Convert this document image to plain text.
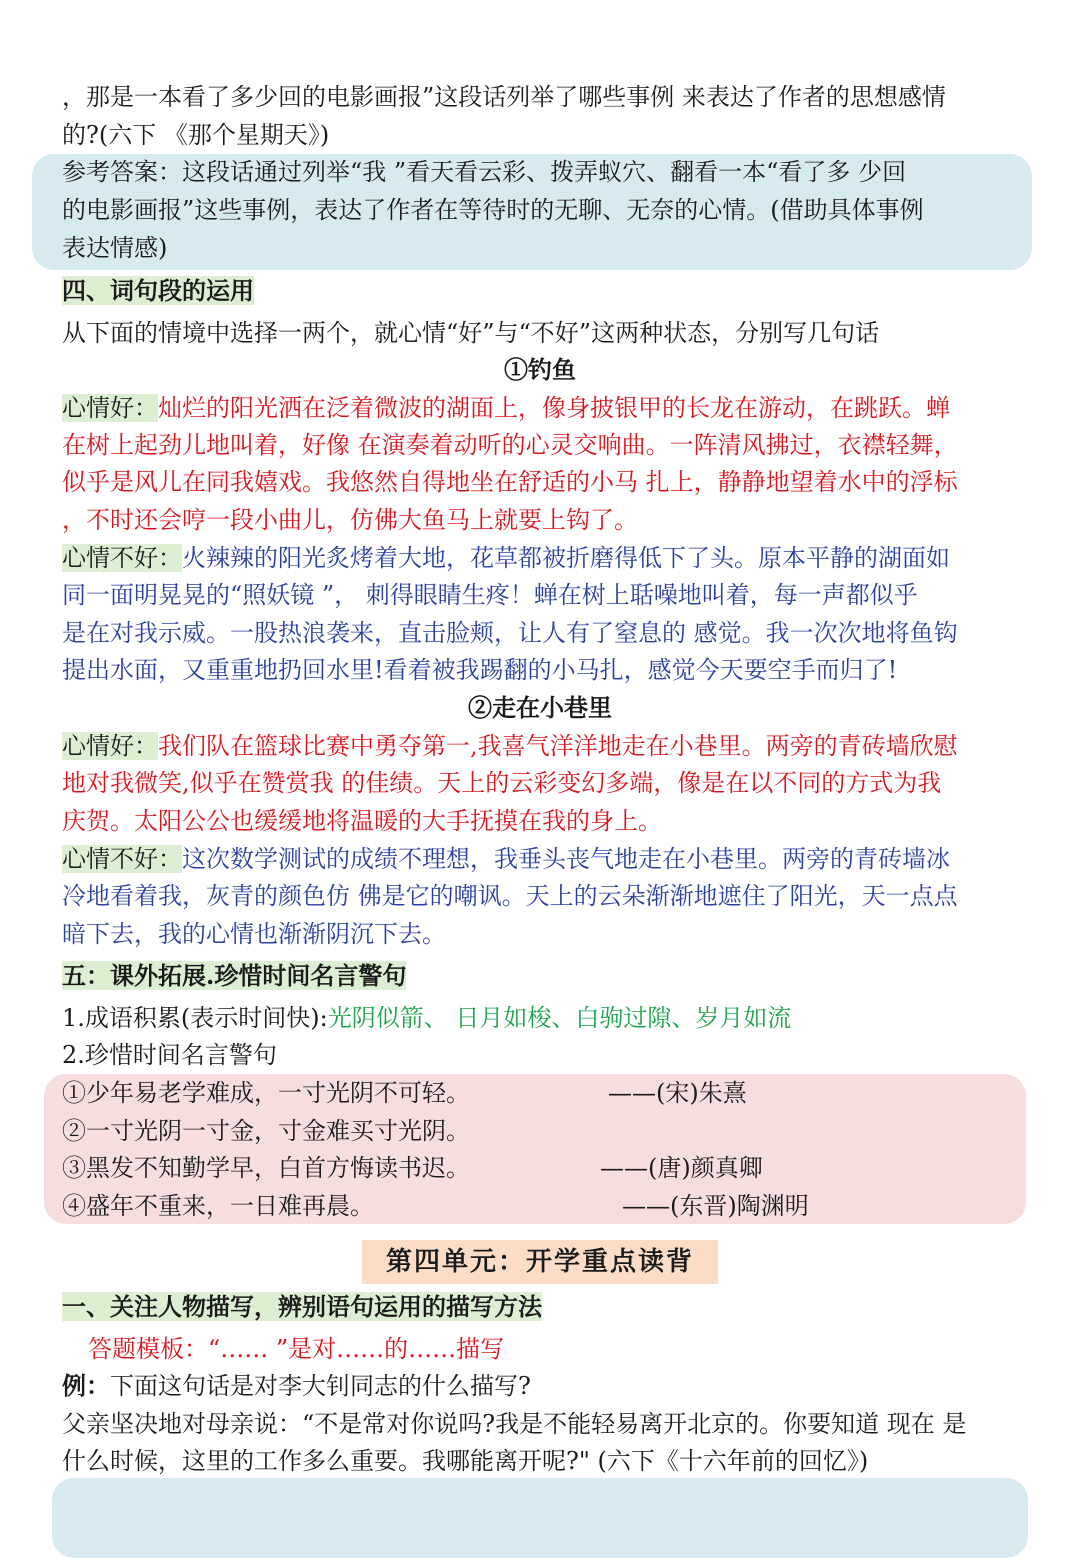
，那是一本看了多少回的电影画报”这段话列举了哪些事例 来表达了作者的思想感情
的?(六下 《那个星期天》)
参考答案：这段话通过列举“我 ”看天看云彩、拨弄蚁穴、翻看一本“看了多 少回
的电影画报”这些事例，表达了作者在等待时的无聊、无奈的心情。(借助具体事例
表达情感)
四、词句段的运用
从下面的情境中选择一两个，就心情“好”与“不好”这两种状态，分别写几句话
①钓鱼
心情好：灿烂的阳光洒在泛着微波的湖面上，像身披银甲的长龙在游动，在跳跃。蝉
在树上起劲儿地叫着，好像 在演奏着动听的心灵交响曲。一阵清风拂过，衣襟轻舞，
似乎是风儿在同我嬉戏。我悠然自得地坐在舒适的小马 扎上，静静地望着水中的浮标
，不时还会哼一段小曲儿，仿佛大鱼马上就要上钩了。
心情不好：火辣辣的阳光炙烤着大地，花草都被折磨得低下了头。原本平静的湖面如
同一面明晃晃的“照妖镜 ”， 刺得眼睛生疼！蝉在树上聒噪地叫着，每一声都似乎
是在对我示威。一股热浪袭来，直击脸颊，让人有了窒息的 感觉。我一次次地将鱼钩
提出水面，又重重地扔回水里!看着被我踢翻的小马扎，感觉今天要空手而归了!
②走在小巷里
心情好：我们队在篮球比赛中勇夺第一,我喜气洋洋地走在小巷里。两旁的青砖墙欣慰
地对我微笑,似乎在赞赏我 的佳绩。天上的云彩变幻多端，像是在以不同的方式为我
庆贺。太阳公公也缓缓地将温暖的大手抚摸在我的身上。
心情不好：这次数学测试的成绩不理想，我垂头丧气地走在小巷里。两旁的青砖墙冰
冷地看着我，灰青的颜色仿 佛是它的嘲讽。天上的云朵渐渐地遮住了阳光，天一点点
暗下去，我的心情也渐渐阴沉下去。
五：课外拓展.珍惜时间名言警句
1.成语积累(表示时间快):光阴似箭、 日月如梭、白驹过隙、岁月如流
2.珍惜时间名言警句
①少年易老学难成，一寸光阴不可轻。	——(宋)朱熹
②一寸光阴一寸金，寸金难买寸光阴。
③黑发不知勤学早，白首方悔读书迟。	——(唐)颜真卿
④盛年不重来，一日难再晨。	——(东晋)陶渊明
第四单元：开学重点读背
一、关注人物描写，辨别语句运用的描写方法
答题模板：“…… ”是对……的……描写
例：下面这句话是对李大钊同志的什么描写?
父亲坚决地对母亲说：“不是常对你说吗?我是不能轻易离开北京的。你要知道 现在 是
什么时候，这里的工作多么重要。我哪能离开呢?" (六下《十六年前的回忆》)
